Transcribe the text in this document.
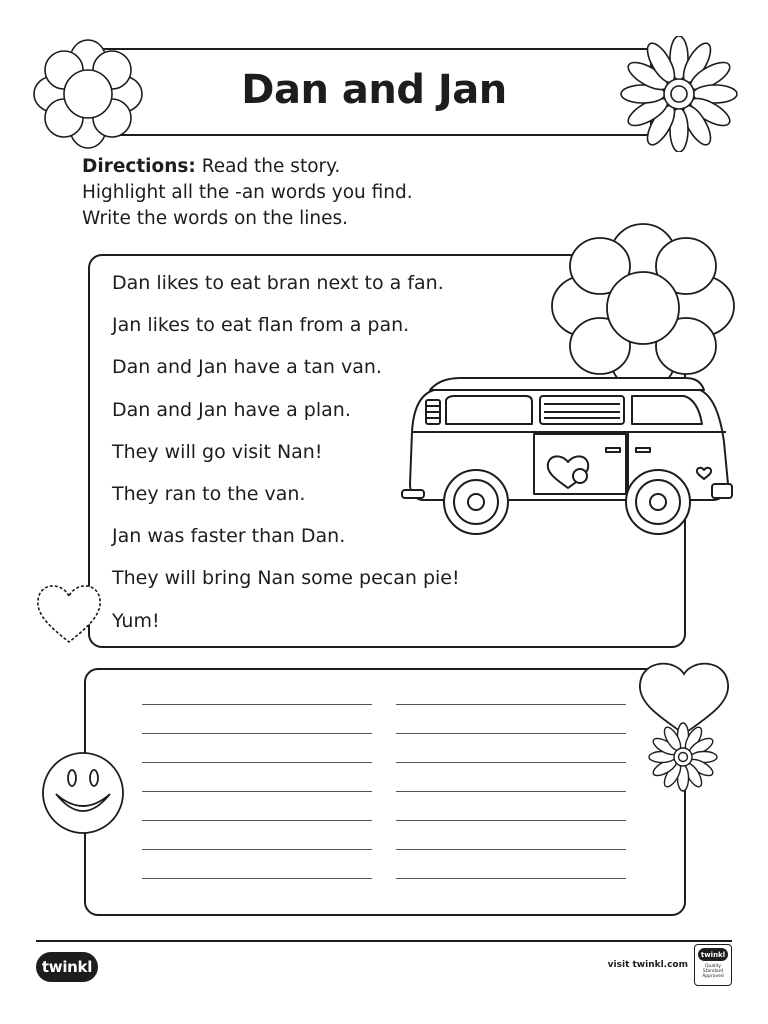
Dan and Jan
Directions: Read the story.
Highlight all the -an words you find.
Write the words on the lines.
Dan likes to eat bran next to a fan.
Jan likes to eat flan from a pan.
Dan and Jan have a tan van.
Dan and Jan have a plan.
They will go visit Nan!
They ran to the van.
Jan was faster than Dan.
They will bring Nan some pecan pie!
Yum!
twinkl	visit twinkl.com
twinkl
Quality Standard Approved
